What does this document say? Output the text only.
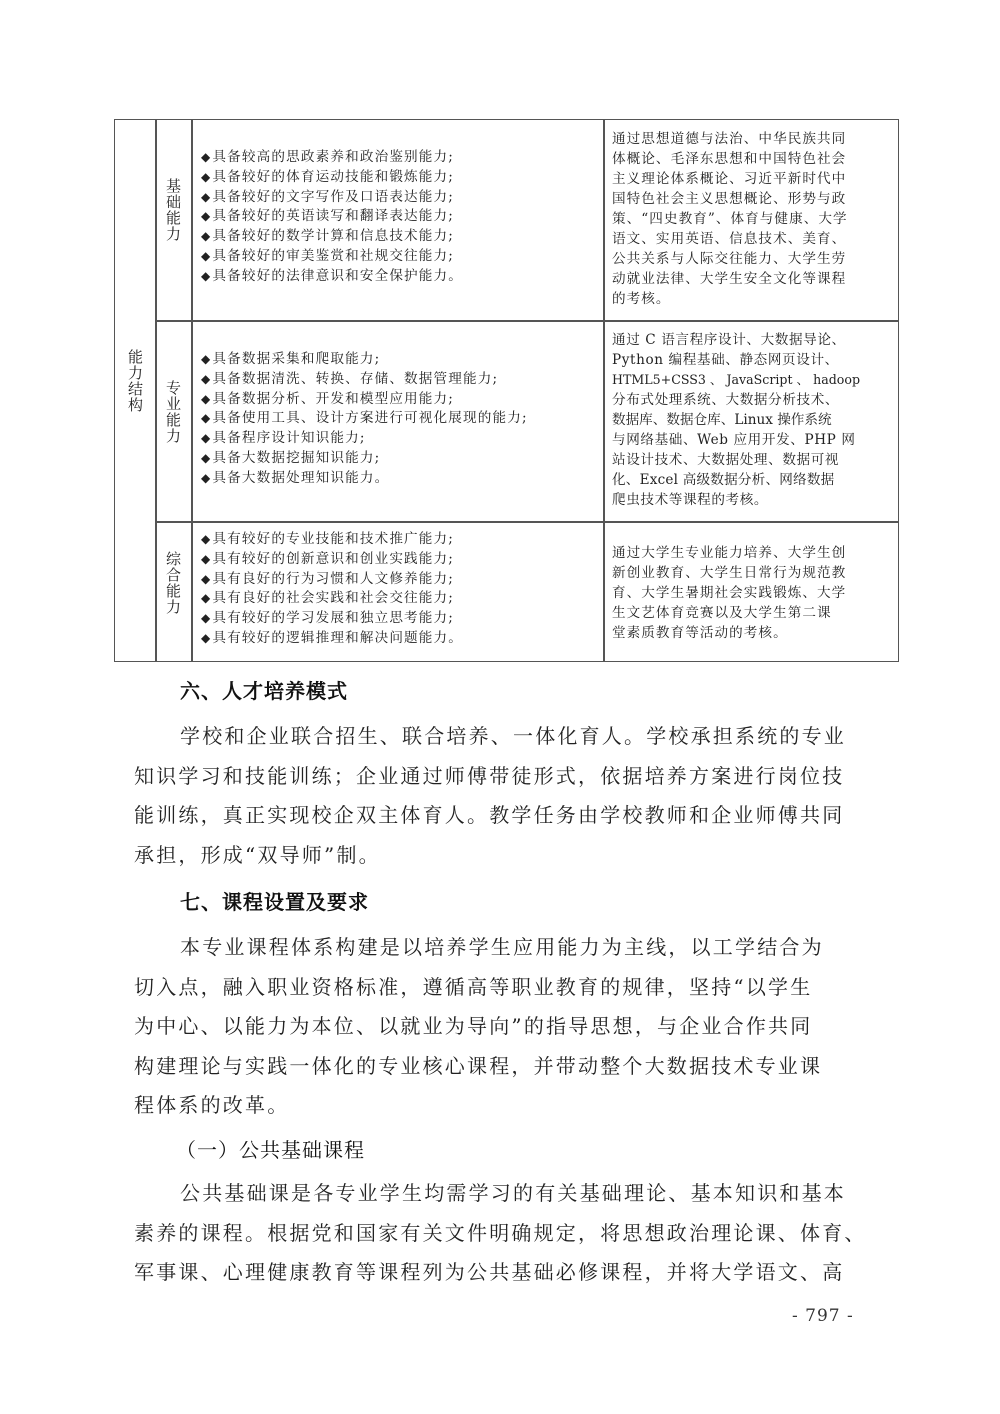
能力结构
基础能力
◆具备较高的思政素养和政治鉴别能力;
◆具备较好的体育运动技能和锻炼能力;
◆具备较好的文字写作及口语表达能力;
◆具备较好的英语读写和翻译表达能力;
◆具备较好的数学计算和信息技术能力;
◆具备较好的审美鉴赏和社规交往能力;
◆具备较好的法律意识和安全保护能力。
通过思想道德与法治、中华民族共同
体概论、毛泽东思想和中国特色社会
主义理论体系概论、习近平新时代中
国特色社会主义思想概论、形势与政
策、“四史教育”、体育与健康、大学
语文、实用英语、信息技术、美育、
公共关系与人际交往能力、大学生劳
动就业法律、大学生安全文化等课程
的考核。
专业能力
◆具备数据采集和爬取能力;
◆具备数据清洗、转换、存储、数据管理能力;
◆具备数据分析、开发和模型应用能力;
◆具备使用工具、设计方案进行可视化展现的能力;
◆具备程序设计知识能力;
◆具备大数据挖掘知识能力;
◆具备大数据处理知识能力。
通过 C 语言程序设计、大数据导论、
Python 编程基础、静态网页设计、
HTML5+CSS3 、 JavaScript 、 hadoop
分布式处理系统、大数据分析技术、
数据库、数据仓库、Linux 操作系统
与网络基础、Web 应用开发、PHP 网
站设计技术、大数据处理、数据可视
化、Excel 高级数据分析、网络数据
爬虫技术等课程的考核。
综合能力
◆具有较好的专业技能和技术推广能力;
◆具有较好的创新意识和创业实践能力;
◆具有良好的行为习惯和人文修养能力;
◆具有良好的社会实践和社会交往能力;
◆具有较好的学习发展和独立思考能力;
◆具有较好的逻辑推理和解决问题能力。
通过大学生专业能力培养、大学生创
新创业教育、大学生日常行为规范教
育、大学生暑期社会实践锻炼、大学
生文艺体育竞赛以及大学生第二课
堂素质教育等活动的考核。
六、人才培养模式
学校和企业联合招生、联合培养、一体化育人。学校承担系统的专业
知识学习和技能训练；企业通过师傅带徒形式，依据培养方案进行岗位技
能训练，真正实现校企双主体育人。教学任务由学校教师和企业师傅共同
承担，形成“双导师”制。
七、课程设置及要求
本专业课程体系构建是以培养学生应用能力为主线，以工学结合为
切入点，融入职业资格标准，遵循高等职业教育的规律，坚持“以学生
为中心、以能力为本位、以就业为导向”的指导思想，与企业合作共同
构建理论与实践一体化的专业核心课程，并带动整个大数据技术专业课
程体系的改革。
（一）公共基础课程
公共基础课是各专业学生均需学习的有关基础理论、基本知识和基本
素养的课程。根据党和国家有关文件明确规定，将思想政治理论课、体育、
军事课、心理健康教育等课程列为公共基础必修课程，并将大学语文、高
- 797 -
